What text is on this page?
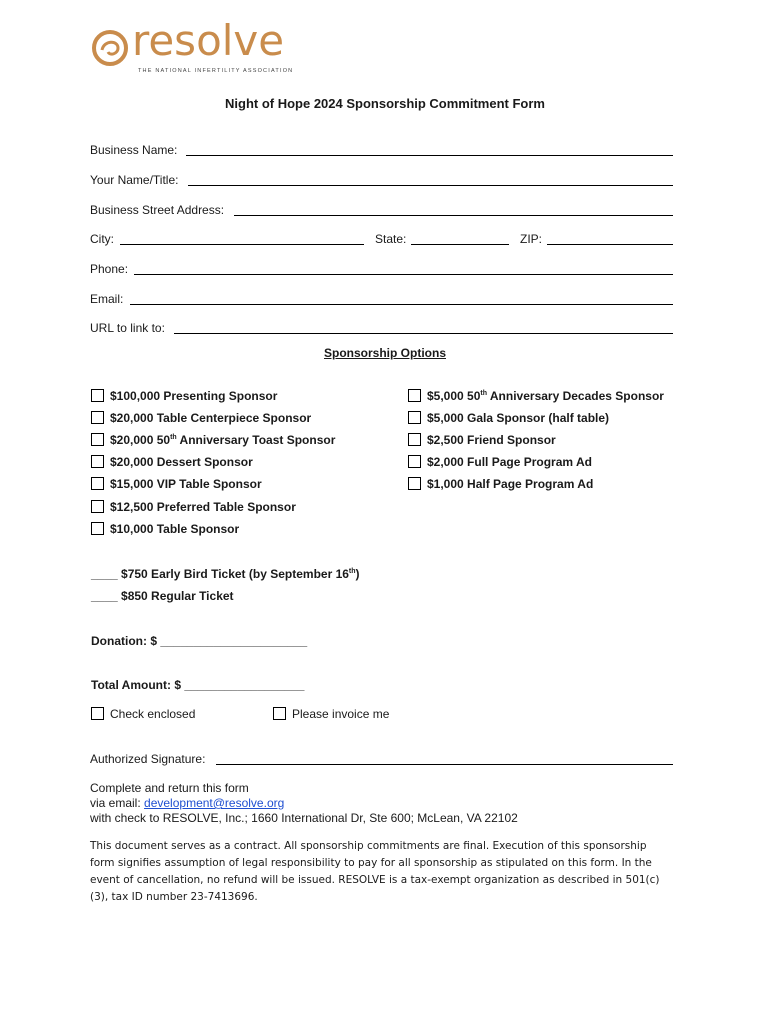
resolve
THE NATIONAL INFERTILITY ASSOCIATION
Night of Hope 2024 Sponsorship Commitment Form
Business Name:
Your Name/Title:
Business Street Address:
City:	State:	ZIP:
Phone:
Email:
URL to link to:
Sponsorship Options
$100,000 Presenting Sponsor
$20,000 Table Centerpiece Sponsor
$20,000 50th Anniversary Toast Sponsor
$20,000 Dessert Sponsor
$15,000 VIP Table Sponsor
$12,500 Preferred Table Sponsor
$10,000 Table Sponsor
$5,000 50th Anniversary Decades Sponsor
$5,000 Gala Sponsor (half table)
$2,500 Friend Sponsor
$2,000 Full Page Program Ad
$1,000 Half Page Program Ad
____ $750 Early Bird Ticket (by September 16th)
____ $850 Regular Ticket
Donation: $ ______________________
Total Amount: $ __________________
Check enclosed	Please invoice me
Authorized Signature:
Complete and return this form
via email: development@resolve.org
with check to RESOLVE, Inc.; 1660 International Dr, Ste 600; McLean, VA 22102
This document serves as a contract. All sponsorship commitments are final. Execution of this sponsorship form signifies assumption of legal responsibility to pay for all sponsorship as stipulated on this form. In the event of cancellation, no refund will be issued. RESOLVE is a tax-exempt organization as described in 501(c)(3), tax ID number 23-7413696.
